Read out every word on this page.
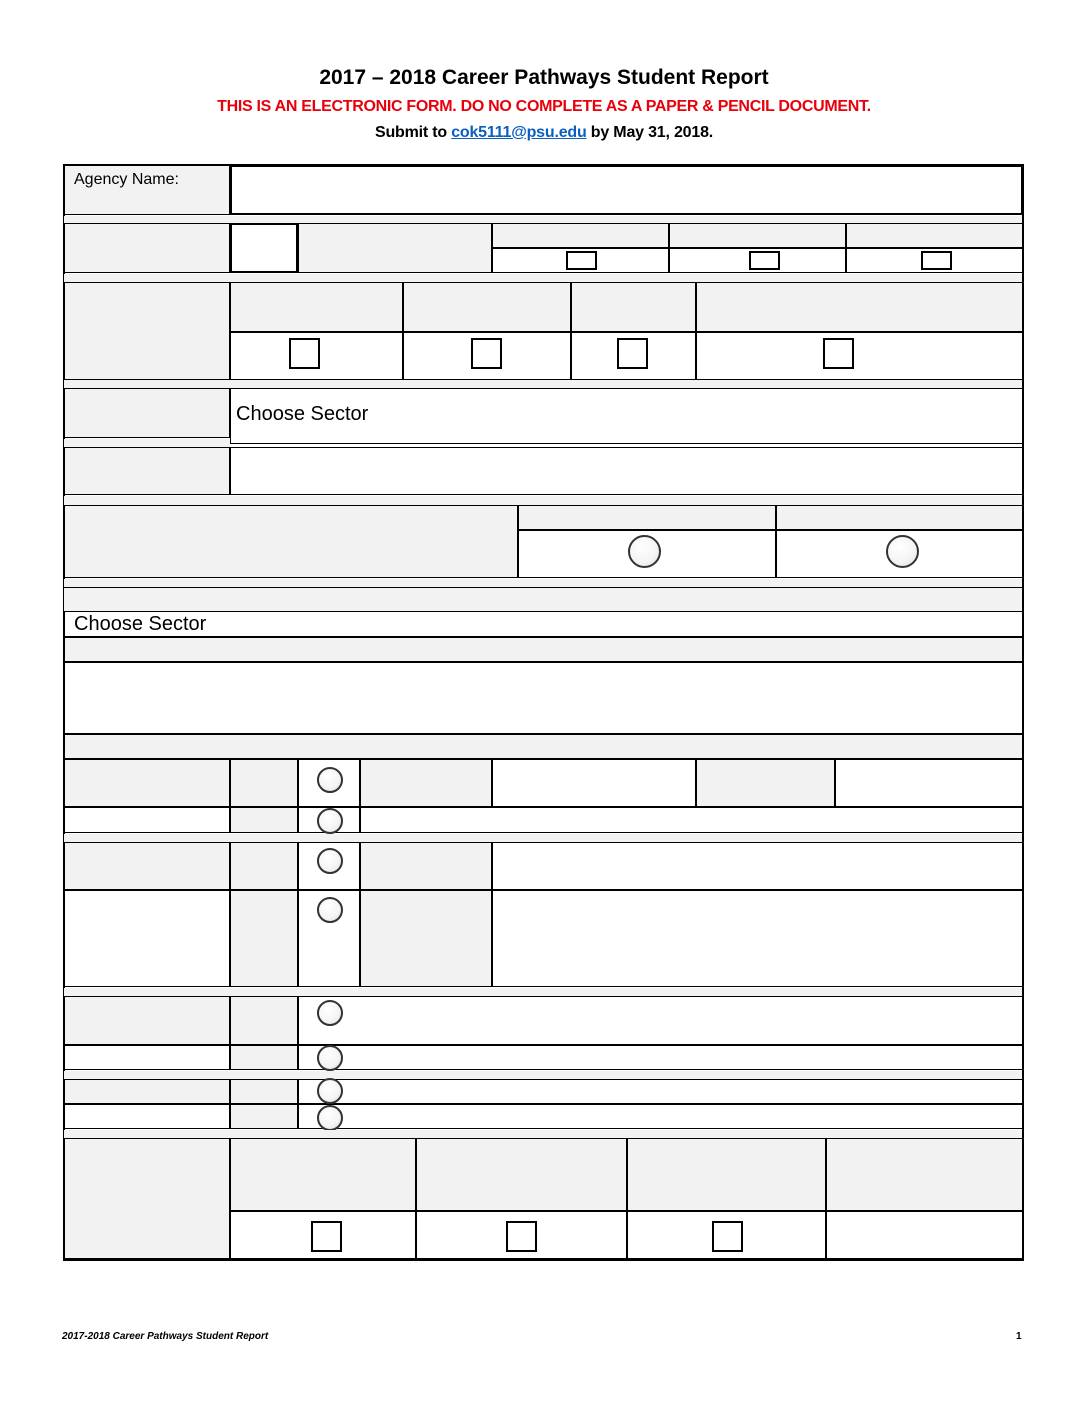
2017 – 2018 Career Pathways Student Report
THIS IS AN ELECTRONIC FORM. DO NO COMPLETE AS A PAPER & PENCIL DOCUMENT.
Submit to cok5111@psu.edu by May 31, 2018.
Agency Name:
Choose Sector
Choose Sector
2017-2018 Career Pathways Student Report	1
